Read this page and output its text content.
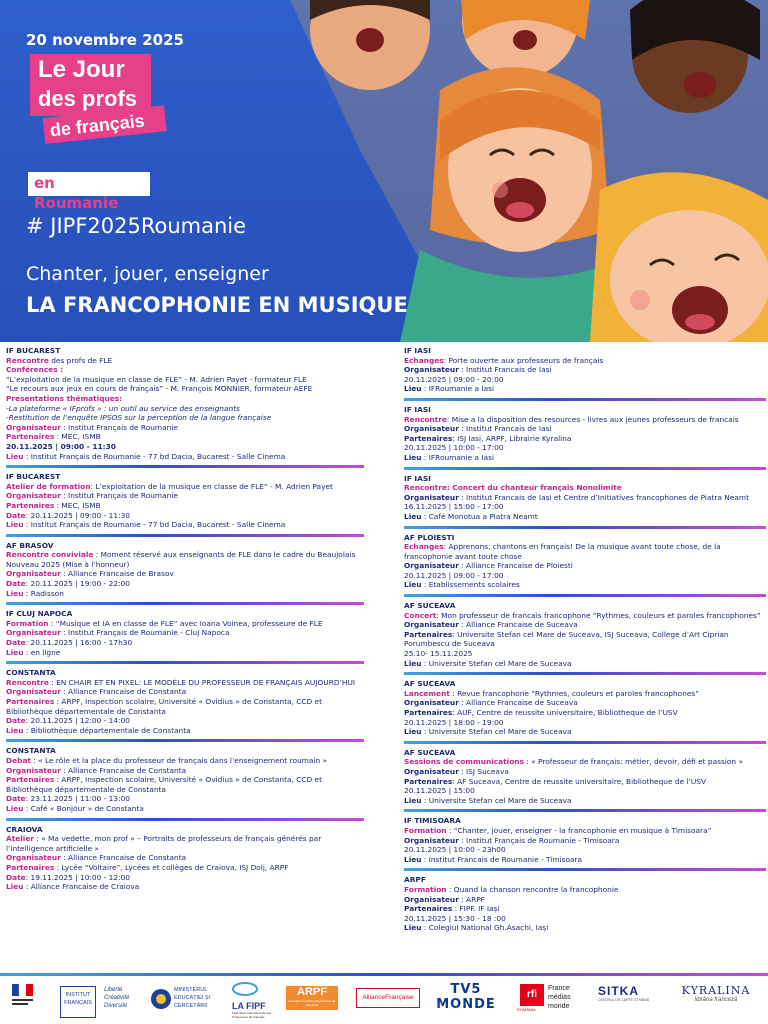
20 novembre 2025
Le Jour
des profs
de français
en Roumanie
# JIPF2025Roumanie
Chanter, jouer, enseigner
LA FRANCOPHONIE EN MUSIQUE
IF BUCAREST
Rencontre des profs de FLE
Conférences :
“L’exploitation de la musique en classe de FLE” - M. Adrien Payet - formateur FLE
“Le recours aux jeux en cours de français” - M. François MONNIER, formateur AEFE
Presentations thématiques:
-La plateforme « IFprofs » : un outil au service des enseignants
-Restitution de l’enquête IPSOS sur la perception de la langue française
Organisateur : Institut Français de Roumanie
Partenaires : MEC, ISMB
20.11.2025 | 09:00 - 11:30
Lieu : Institut Français de Roumanie - 77 bd Dacia, Bucarest - Salle Cinema
IF BUCAREST
Atelier de formation: L’exploitation de la musique en classe de FLE” - M. Adrien Payet
Organisateur : Institut Français de Roumanie
Partenaires : MEC, ISMB
Date: 20.11.2025 | 09:00 - 11:30
Lieu : Institut Français de Roumanie - 77 bd Dacia, Bucarest - Salle Cinema
AF BRASOV
Rencontre conviviale : Moment réservé aux enseignants de FLE dans le cadre du Beaujolais Nouveau 2025 (Mise à l’honneur)
Organisateur : Alliance Francaise de Brasov
Date: 20.11.2025 | 19:00 - 22:00
Lieu : Radisson
IF CLUJ NAPOCA
Formation : “Musique et IA en classe de FLE” avec Ioana Voinea, professeure de FLE
Organisateur : Institut Français de Roumanie - Cluj Napoca
Date: 20.11.2025 | 16:00 - 17h30
Lieu : en ligne
CONSTANTA
Rencontre : EN CHAIR ET EN PIXEL: LE MODÈLE DU PROFESSEUR DE FRANÇAIS AUJOURD’HUI
Organisateur : Alliance Francaise de Constanta
Partenaires : ARPF, Inspection scolaire, Université « Ovidius » de Constanta, CCD et Bibliothèque départementale de Constanta
Date: 20.11.2025 | 12:00 - 14:00
Lieu : Bibliothèque départementale de Constanta
CONSTANTA
Debat : « Le rôle et la place du professeur de français dans l’enseignement roumain »
Organisateur : Alliance Francaise de Constanta
Partenaires : ARPF, Inspection scolaire, Université « Ovidius » de Constanta, CCD et Bibliothèque départementale de Constanta
Date: 23.11.2025 | 11:00 - 13:00
Lieu : Café « Bonjour » de Constanta
CRAIOVA
Atelier : « Ma vedette, mon prof » – Portraits de professeurs de français générés par l’intelligence artificielle »
Organisateur : Alliance Francaise de Constanta
Partenaires : Lycée “Voltaire”, Lycées et collèges de Craiova, ISJ Dolj, ARPF
Date: 19.11.2025 | 10:00 - 12:00
Lieu : Alliance Francaise de Craiova
IF IASI
Echanges: Porte ouverte aux professeurs de français
Organisateur : Institut Francais de Iasi
20.11.2025 | 09:00 - 20:00
Lieu : IFRoumanie a Iasi
IF IASI
Rencontre: Mise a la disposition des resources - livres aux jeunes professeurs de francais
Organisateur : Institut Francais de Iasi
Partenaires: ISJ Iasi, ARPF, Librairie Kyralina
20.11.2025 | 10:00 - 17:00
Lieu : IFRoumanie a Iasi
IF IASI
Rencontre: Concert du chanteur français Nonolimite
Organisateur : Institut Francais de Iasi et Centre d’Initiatives francophones de Piatra Neamt
16.11.2025 | 15:00 - 17:00
Lieu : Café Monotua a Piatra Neamt
AF PLOIESTI
Echanges: Apprenons, chantons en français! De la musique avant toute chose, de la francophonie avant toute chose
Organisateur : Alliance Francaise de Ploiesti
20.11.2025 | 09:00 - 17:00
Lieu : Etablissements scolaires
AF SUCEAVA
Concert: Mon professeur de francais francophone “Rythmes, couleurs et paroles francophones”
Organisateur : Alliance Francaise de Suceava
Partenaires: Universite Stefan cel Mare de Suceava, ISJ Suceava, College d’Art Ciprian Porumbescu de Suceava
25.10- 15.11.2025
Lieu : Universite Stefan cel Mare de Suceava
AF SUCEAVA
Lancement : Revue francophone “Rythmes, couleurs et paroles francophones”
Organisateur : Alliance Francaise de Suceava
Partenaires: AUF, Centre de reussite universitaire, Bibliotheque de l’USV
20.11.2025 | 18:00 - 19:00
Lieu : Universite Stefan cel Mare de Suceava
AF SUCEAVA
Sessions de communications : « Professeur de français: métier, devoir, défi et passion »
Organisateur : ISJ Suceava
Partenaires: AF Suceava, Centre de reussite universitaire, Bibliotheque de l’USV
20.11.2025 | 15:00
Lieu : Universite Stefan cel Mare de Suceava
IF TIMISOARA
Formation : “Chanter, jouer, enseigner - la francophonie en musique à Timisoara”
Organisateur : Institut Français de Roumanie - Timisoara
20.11.2025 | 10:00 - 23h00
Lieu : Institut Francais de Roumanie - Timisoara
ARPF
Formation : Quand la chanson rencontre la francophonie
Organisateur : ARPF
Partenaires : FIPF. IF Iași
20.11.2025 | 15:30 - 18 :00
Lieu : Colegiul National Gh.Asachi, Iași
INSTITUT
FRANÇAIS
Liberté
Créativité
Diversité
MINISTERUL
EDUCAȚIEI ȘI
CERCETĂRII	LA FIPF
Fédération Internationale des Professeurs de Français
ARPF
Asociația Română a Profesorilor de Franceză
AllianceFrançaise
TV5
MONDE
rfi
ROMÂNIA
France
médias
monde
SITKA
CENTRUL DE CARTE STRĂINĂ
KYRALINA
librăria franceză
